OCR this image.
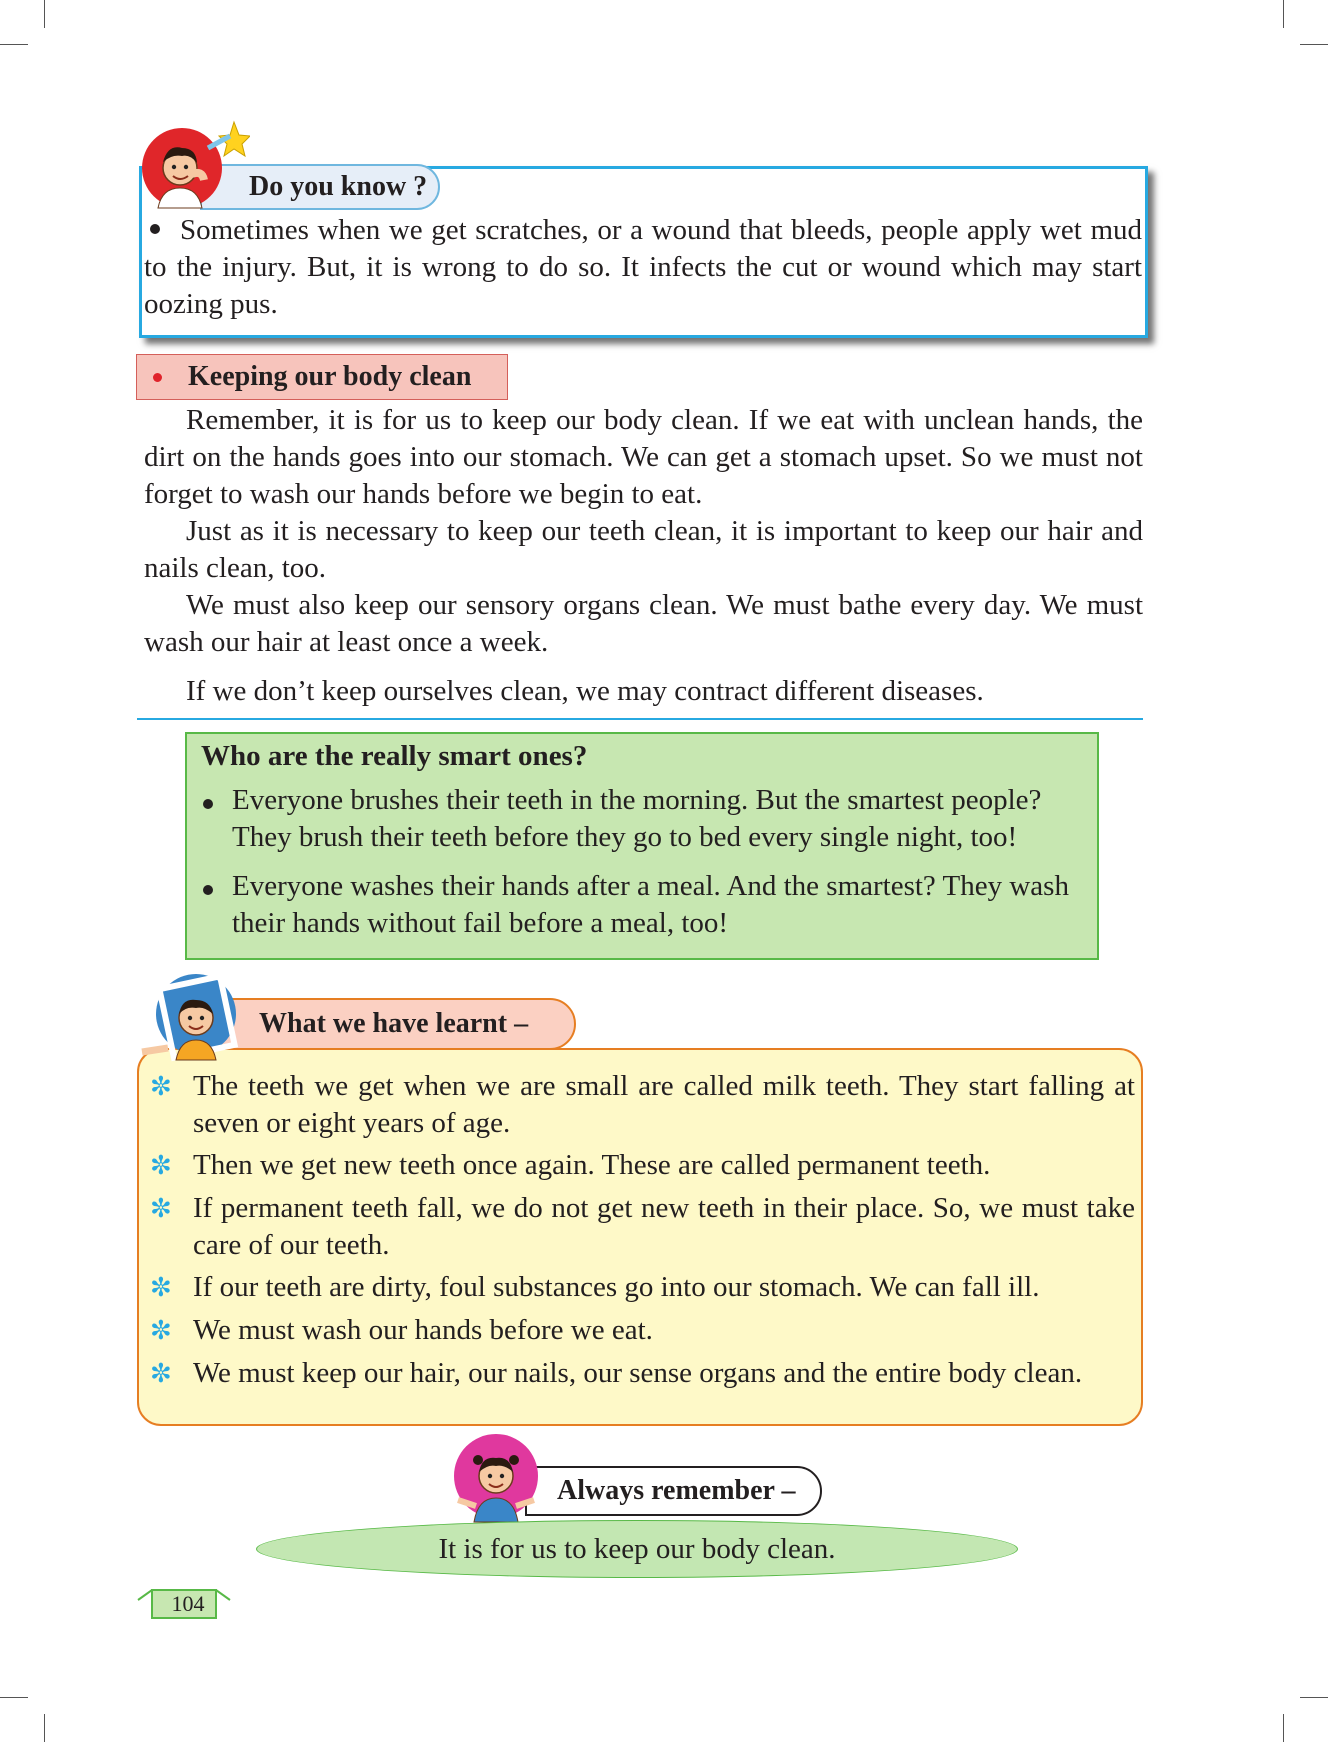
Do you know ?
Sometimes when we get scratches, or a wound that bleeds, people apply wet mud to the injury. But, it is wrong to do so. It infects the cut or wound which may start oozing pus.
Keeping our body clean

Remember, it is for us to keep our body clean. If we eat with unclean hands, the dirt on the hands goes into our stomach. We can get a stomach upset. So we must not forget to wash our hands before we begin to eat.

Just as it is necessary to keep our teeth clean, it is important to keep our hair and nails clean, too.

We must also keep our sensory organs clean. We must bathe every day. We must wash our hair at least once a week.

If we don’t keep ourselves clean, we may contract different diseases.

Who are the really smart ones?
Everyone brushes their teeth in the morning. But the smartest people? They brush their teeth before they go to bed every single night, too!
Everyone washes their hands after a meal. And the smartest? They wash their hands without fail before a meal, too!
What we have learnt –
✼ The teeth we get when we are small are called milk teeth. They start falling at seven or eight years of age.
✼ Then we get new teeth once again. These are called permanent teeth.
✼ If permanent teeth fall, we do not get new teeth in their place. So, we must take care of our teeth.
✼ If our teeth are dirty, foul substances go into our stomach. We can fall ill.
✼ We must wash our hands before we eat.
✼ We must keep our hair, our nails, our sense organs and the entire body clean.
Always remember –
It is for us to keep our body clean.
104
